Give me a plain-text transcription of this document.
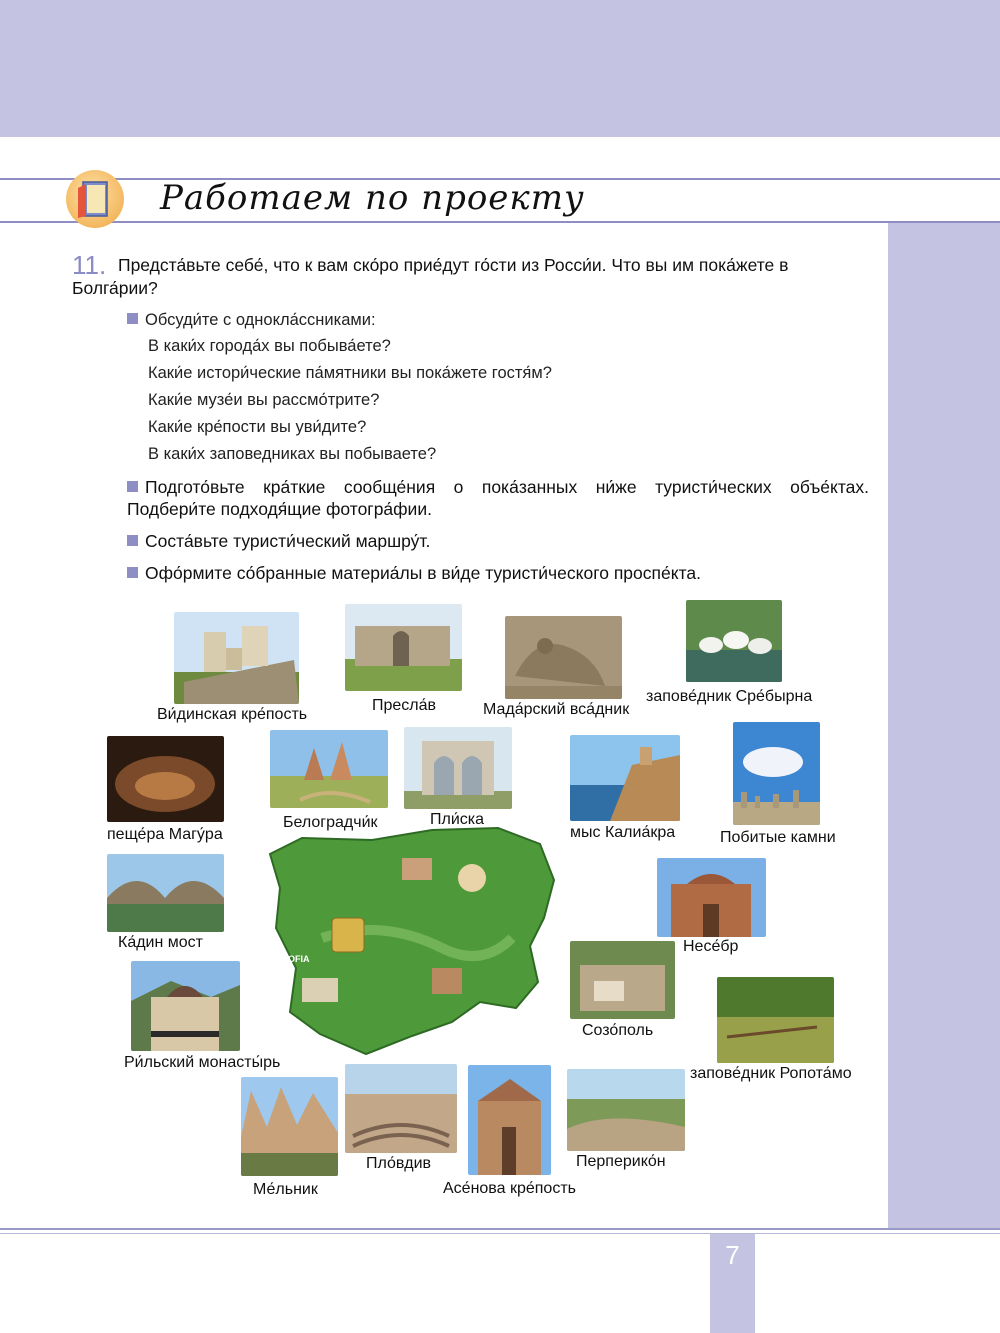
Работаем по проекту
11. Предста́вьте себе́, что к вам ско́ро прие́дут го́сти из Росси́и. Что вы им пока́жете в
Болга́рии?
Обсуди́те с однокла́ссниками:
В каки́х города́х вы побыва́ете?
Каки́е истори́ческие па́мятники вы пока́жете гостя́м?
Каки́е музе́и вы рассмо́трите?
Каки́е кре́пости вы уви́дите?
В каки́х заповедниках вы побываете?
Подгото́вьте кра́ткие сообще́ния о пока́занных ни́же туристи́ческих объе́ктах.
Подбери́те подходя́щие фотогра́фии.
Соста́вьте туристи́ческий маршру́т.
Офо́рмите со́бранные материа́лы в ви́де туристи́ческого проспе́кта.
SOFIA
Ви́динская кре́пость
Пресла́в	Мада́рский вса́дник
запове́дник Сре́бырна
пеще́ра Магу́ра
Белоградчи́к	Пли́ска
мыс Калиа́кра	Побитые камни
Ка́дин мост	Несе́бр
Созо́поль
запове́дник Ропота́мо
Ри́льский монасты́рь
Ме́льник
Пло́вдив
Асе́нова кре́пость
Перперико́н
7
